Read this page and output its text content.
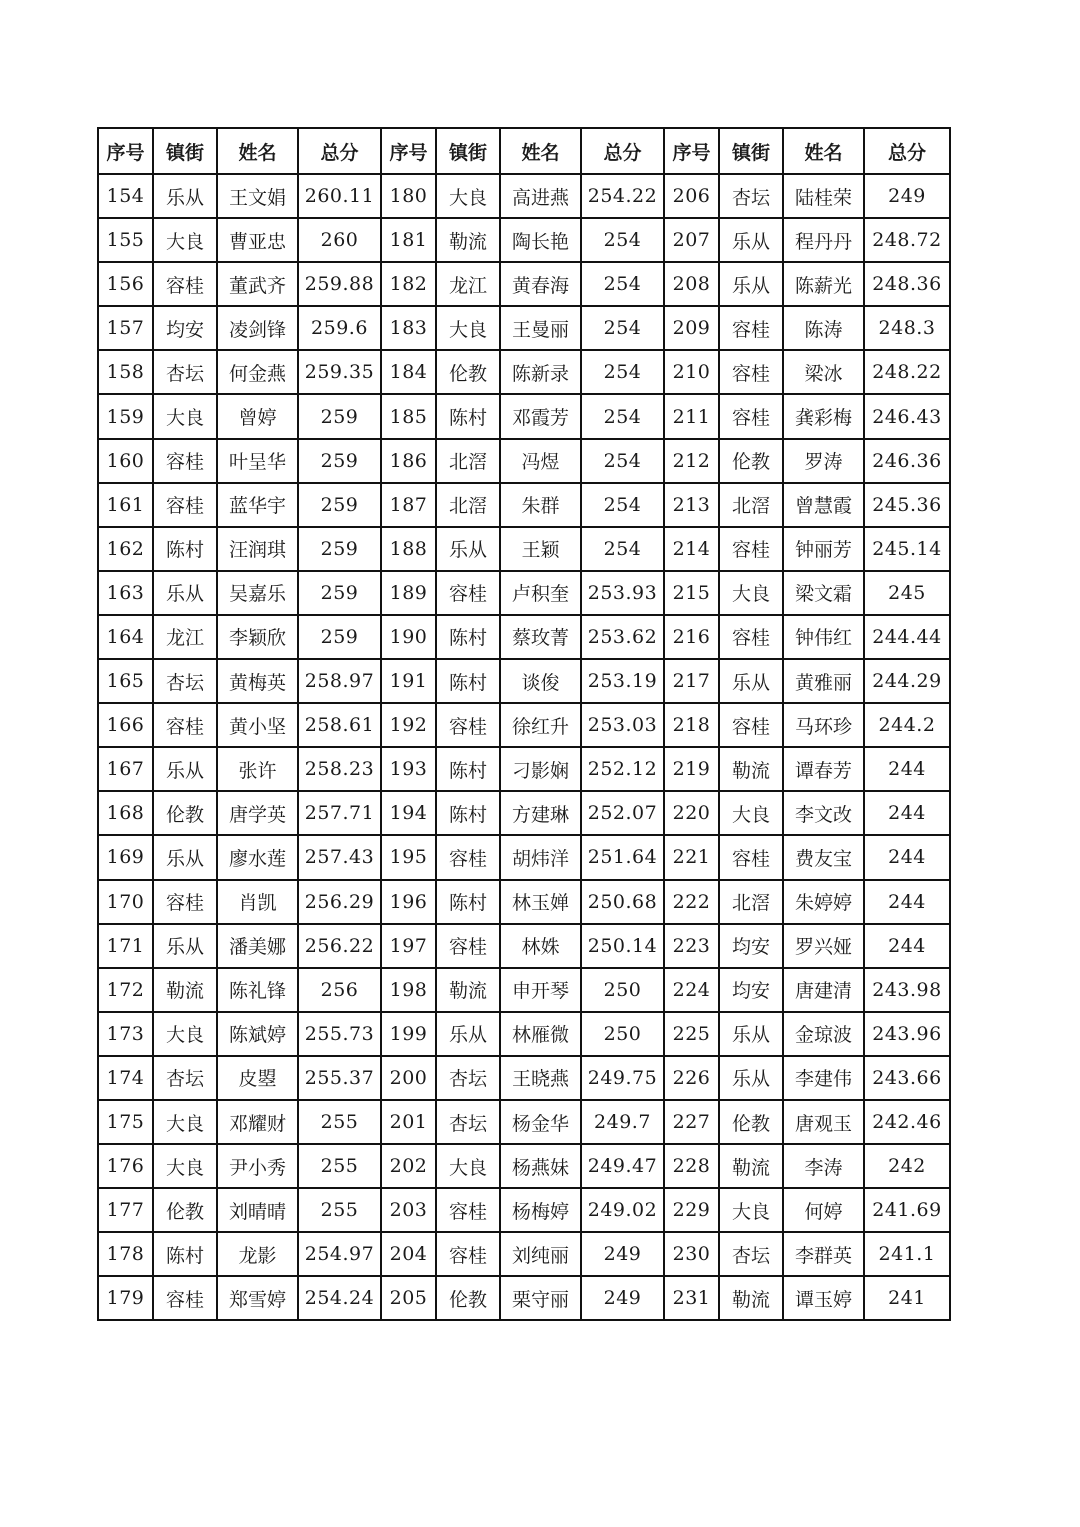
序号	镇街	姓名	总分	序号	镇街	姓名	总分	序号	镇街	姓名	总分
154	乐从	王文娟	260.11	180	大良	高进燕	254.22	206	杏坛	陆桂荣	249
155	大良	曹亚忠	260	181	勒流	陶长艳	254	207	乐从	程丹丹	248.72
156	容桂	董武齐	259.88	182	龙江	黄春海	254	208	乐从	陈薪光	248.36
157	均安	凌剑锋	259.6	183	大良	王曼丽	254	209	容桂	陈涛	248.3
158	杏坛	何金燕	259.35	184	伦教	陈新录	254	210	容桂	梁冰	248.22
159	大良	曾婷	259	185	陈村	邓霞芳	254	211	容桂	龚彩梅	246.43
160	容桂	叶呈华	259	186	北滘	冯煜	254	212	伦教	罗涛	246.36
161	容桂	蓝华宇	259	187	北滘	朱群	254	213	北滘	曾慧霞	245.36
162	陈村	汪润琪	259	188	乐从	王颖	254	214	容桂	钟丽芳	245.14
163	乐从	吴嘉乐	259	189	容桂	卢积奎	253.93	215	大良	梁文霜	245
164	龙江	李颖欣	259	190	陈村	蔡玫菁	253.62	216	容桂	钟伟红	244.44
165	杏坛	黄梅英	258.97	191	陈村	谈俊	253.19	217	乐从	黄雅丽	244.29
166	容桂	黄小坚	258.61	192	容桂	徐红升	253.03	218	容桂	马环珍	244.2
167	乐从	张许	258.23	193	陈村	刁影娴	252.12	219	勒流	谭春芳	244
168	伦教	唐学英	257.71	194	陈村	方建琳	252.07	220	大良	李文改	244
169	乐从	廖水莲	257.43	195	容桂	胡炜洋	251.64	221	容桂	费友宝	244
170	容桂	肖凯	256.29	196	陈村	林玉婵	250.68	222	北滘	朱婷婷	244
171	乐从	潘美娜	256.22	197	容桂	林姝	250.14	223	均安	罗兴娅	244
172	勒流	陈礼锋	256	198	勒流	申开琴	250	224	均安	唐建清	243.98
173	大良	陈斌婷	255.73	199	乐从	林雁微	250	225	乐从	金琼波	243.96
174	杏坛	皮曌	255.37	200	杏坛	王晓燕	249.75	226	乐从	李建伟	243.66
175	大良	邓耀财	255	201	杏坛	杨金华	249.7	227	伦教	唐观玉	242.46
176	大良	尹小秀	255	202	大良	杨燕妹	249.47	228	勒流	李涛	242
177	伦教	刘晴晴	255	203	容桂	杨梅婷	249.02	229	大良	何婷	241.69
178	陈村	龙影	254.97	204	容桂	刘纯丽	249	230	杏坛	李群英	241.1
179	容桂	郑雪婷	254.24	205	伦教	栗守丽	249	231	勒流	谭玉婷	241
